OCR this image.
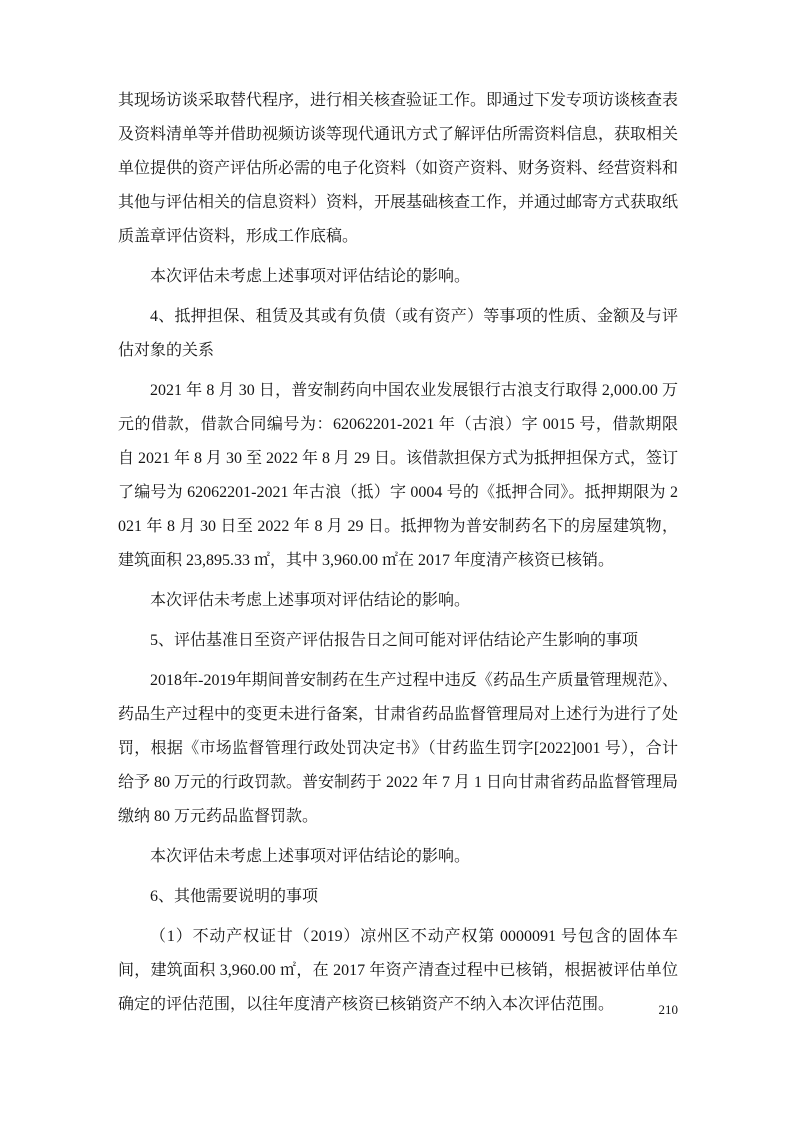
其现场访谈采取替代程序，进行相关核查验证工作。即通过下发专项访谈核查表及资料清单等并借助视频访谈等现代通讯方式了解评估所需资料信息，获取相关单位提供的资产评估所必需的电子化资料（如资产资料、财务资料、经营资料和其他与评估相关的信息资料）资料，开展基础核查工作，并通过邮寄方式获取纸质盖章评估资料，形成工作底稿。

本次评估未考虑上述事项对评估结论的影响。

4、抵押担保、租赁及其或有负债（或有资产）等事项的性质、金额及与评估对象的关系

2021 年 8 月 30 日，普安制药向中国农业发展银行古浪支行取得 2,000.00 万元的借款，借款合同编号为：62062201-2021 年（古浪）字 0015 号，借款期限自 2021 年 8 月 30 至 2022 年 8 月 29 日。该借款担保方式为抵押担保方式，签订了编号为 62062201-2021 年古浪（抵）字 0004 号的《抵押合同》。抵押期限为 2021 年 8 月 30 日至 2022 年 8 月 29 日。抵押物为普安制药名下的房屋建筑物，建筑面积 23,895.33 ㎡，其中 3,960.00 ㎡在 2017 年度清产核资已核销。

本次评估未考虑上述事项对评估结论的影响。

5、评估基准日至资产评估报告日之间可能对评估结论产生影响的事项

2018年-2019年期间普安制药在生产过程中违反《药品生产质量管理规范》、药品生产过程中的变更未进行备案，甘肃省药品监督管理局对上述行为进行了处罚，根据《市场监督管理行政处罚决定书》（甘药监生罚字[2022]001 号），合计给予 80 万元的行政罚款。普安制药于 2022 年 7 月 1 日向甘肃省药品监督管理局缴纳 80 万元药品监督罚款。

本次评估未考虑上述事项对评估结论的影响。

6、其他需要说明的事项

（1）不动产权证甘（2019）凉州区不动产权第 0000091 号包含的固体车间，建筑面积 3,960.00 ㎡，在 2017 年资产清查过程中已核销，根据被评估单位确定的评估范围，以往年度清产核资已核销资产不纳入本次评估范围。	210
